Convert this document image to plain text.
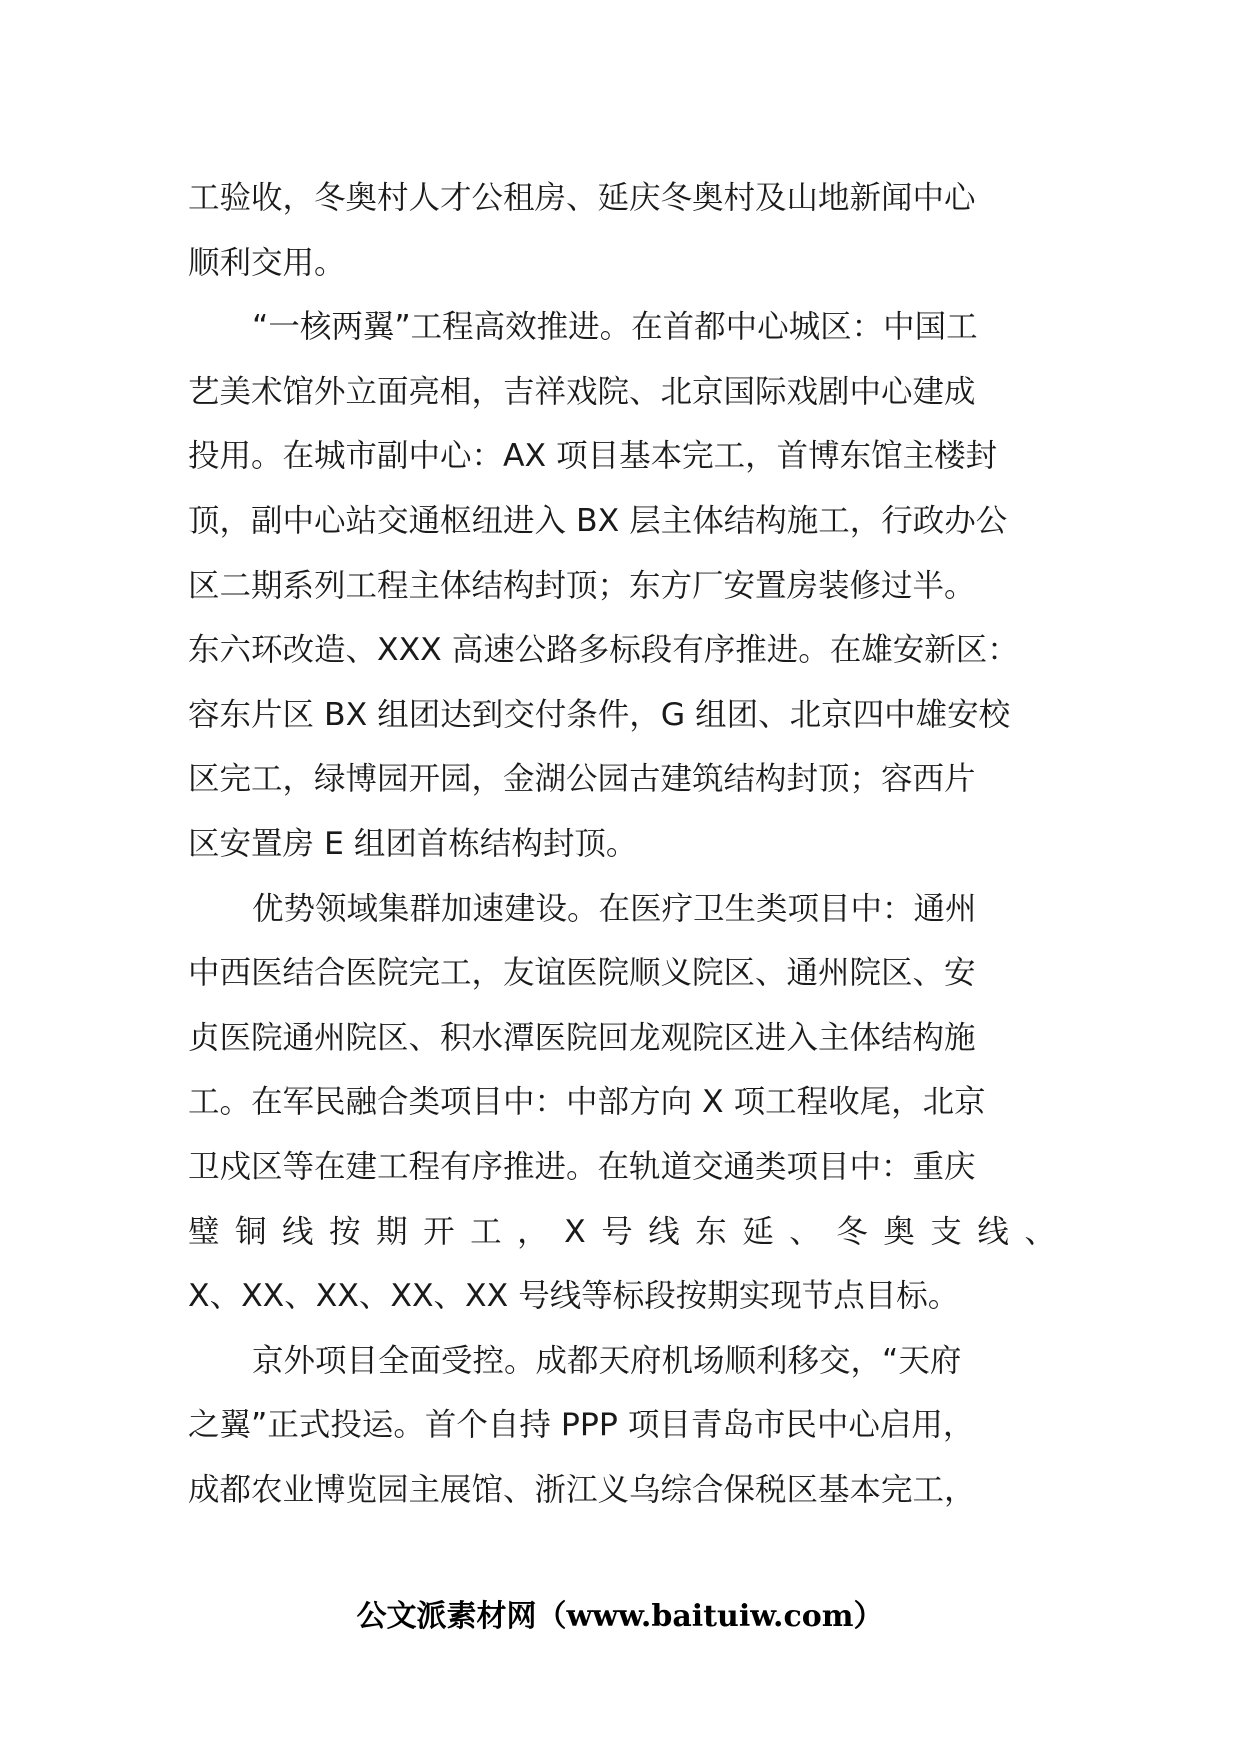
工验收，冬奥村人才公租房、延庆冬奥村及山地新闻中心
顺利交用。
“一核两翼”工程高效推进。在首都中心城区：中国工
艺美术馆外立面亮相，吉祥戏院、北京国际戏剧中心建成
投用。在城市副中心：AX 项目基本完工，首博东馆主楼封
顶，副中心站交通枢纽进入 BX 层主体结构施工，行政办公
区二期系列工程主体结构封顶；东方厂安置房装修过半。
东六环改造、XXX 高速公路多标段有序推进。在雄安新区：
容东片区 BX 组团达到交付条件，G 组团、北京四中雄安校
区完工，绿博园开园，金湖公园古建筑结构封顶；容西片
区安置房 E 组团首栋结构封顶。
优势领域集群加速建设。在医疗卫生类项目中：通州
中西医结合医院完工，友谊医院顺义院区、通州院区、安
贞医院通州院区、积水潭医院回龙观院区进入主体结构施
工。在军民融合类项目中：中部方向 X 项工程收尾，北京
卫戍区等在建工程有序推进。在轨道交通类项目中：重庆
璧 铜 线 按 期 开 工 ， X 号 线 东 延 、 冬 奥 支 线 、
X、XX、XX、XX、XX 号线等标段按期实现节点目标。
京外项目全面受控。成都天府机场顺利移交，“天府
之翼”正式投运。首个自持 PPP 项目青岛市民中心启用，
成都农业博览园主展馆、浙江义乌综合保税区基本完工，
公文派素材网（www.baituiw.com）
